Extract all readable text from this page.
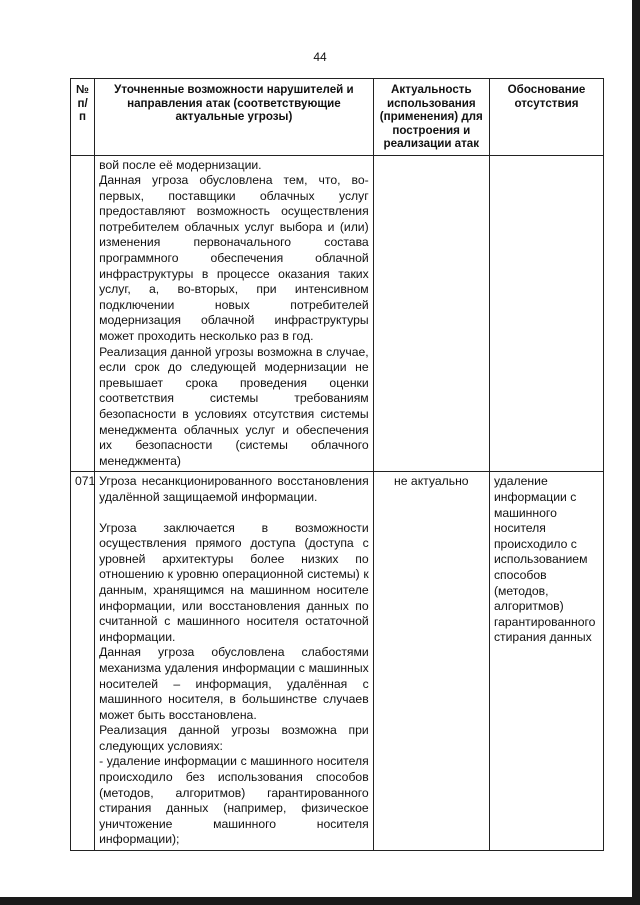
44
№ п/п	Уточненные возможности нарушителей и направления атак (соответствующие актуальные угрозы)	Актуальность использования (применения) для построения и реализации атак	Обоснование отсутствия

	вой после её модернизации.

Данная угроза обусловлена тем, что, во-первых, поставщики облачных услуг предоставляют возможность осуществления потребителем облачных услуг выбора и (или) изменения первоначального состава программного обеспечения облачной инфраструктуры в процессе оказания таких услуг, а, во-вторых, при интенсивном подключении новых потребителей модернизация облачной инфраструктуры может проходить несколько раз в год.

Реализация данной угрозы возможна в случае, если срок до следующей модернизации не превышает срока проведения оценки соответствия системы требованиям безопасности в условиях отсутствия системы менеджмента облачных услуг и обеспечения их безопасности (системы облачного менеджмента)		

071	Угроза несанкционированного восстановления удалённой защищаемой информации.

Угроза заключается в возможности осуществления прямого доступа (доступа с уровней архитектуры более низких по отношению к уровню операционной системы) к данным, хранящимся на машинном носителе информации, или восстановления данных по считанной с машинного носителя остаточной информации.

Данная угроза обусловлена слабостями механизма удаления информации с машинных носителей – информация, удалённая с машинного носителя, в большинстве случаев может быть восстановлена.

Реализация данной угрозы возможна при следующих условиях:

- удаление информации с машинного носителя происходило без использования способов (методов, алгоритмов) гарантированного стирания данных (например, физическое уничтожение машинного носителя информации);	не актуально	удаление информации с машинного носителя происходило с использованием способов (методов, алгоритмов) гарантированного стирания данных
